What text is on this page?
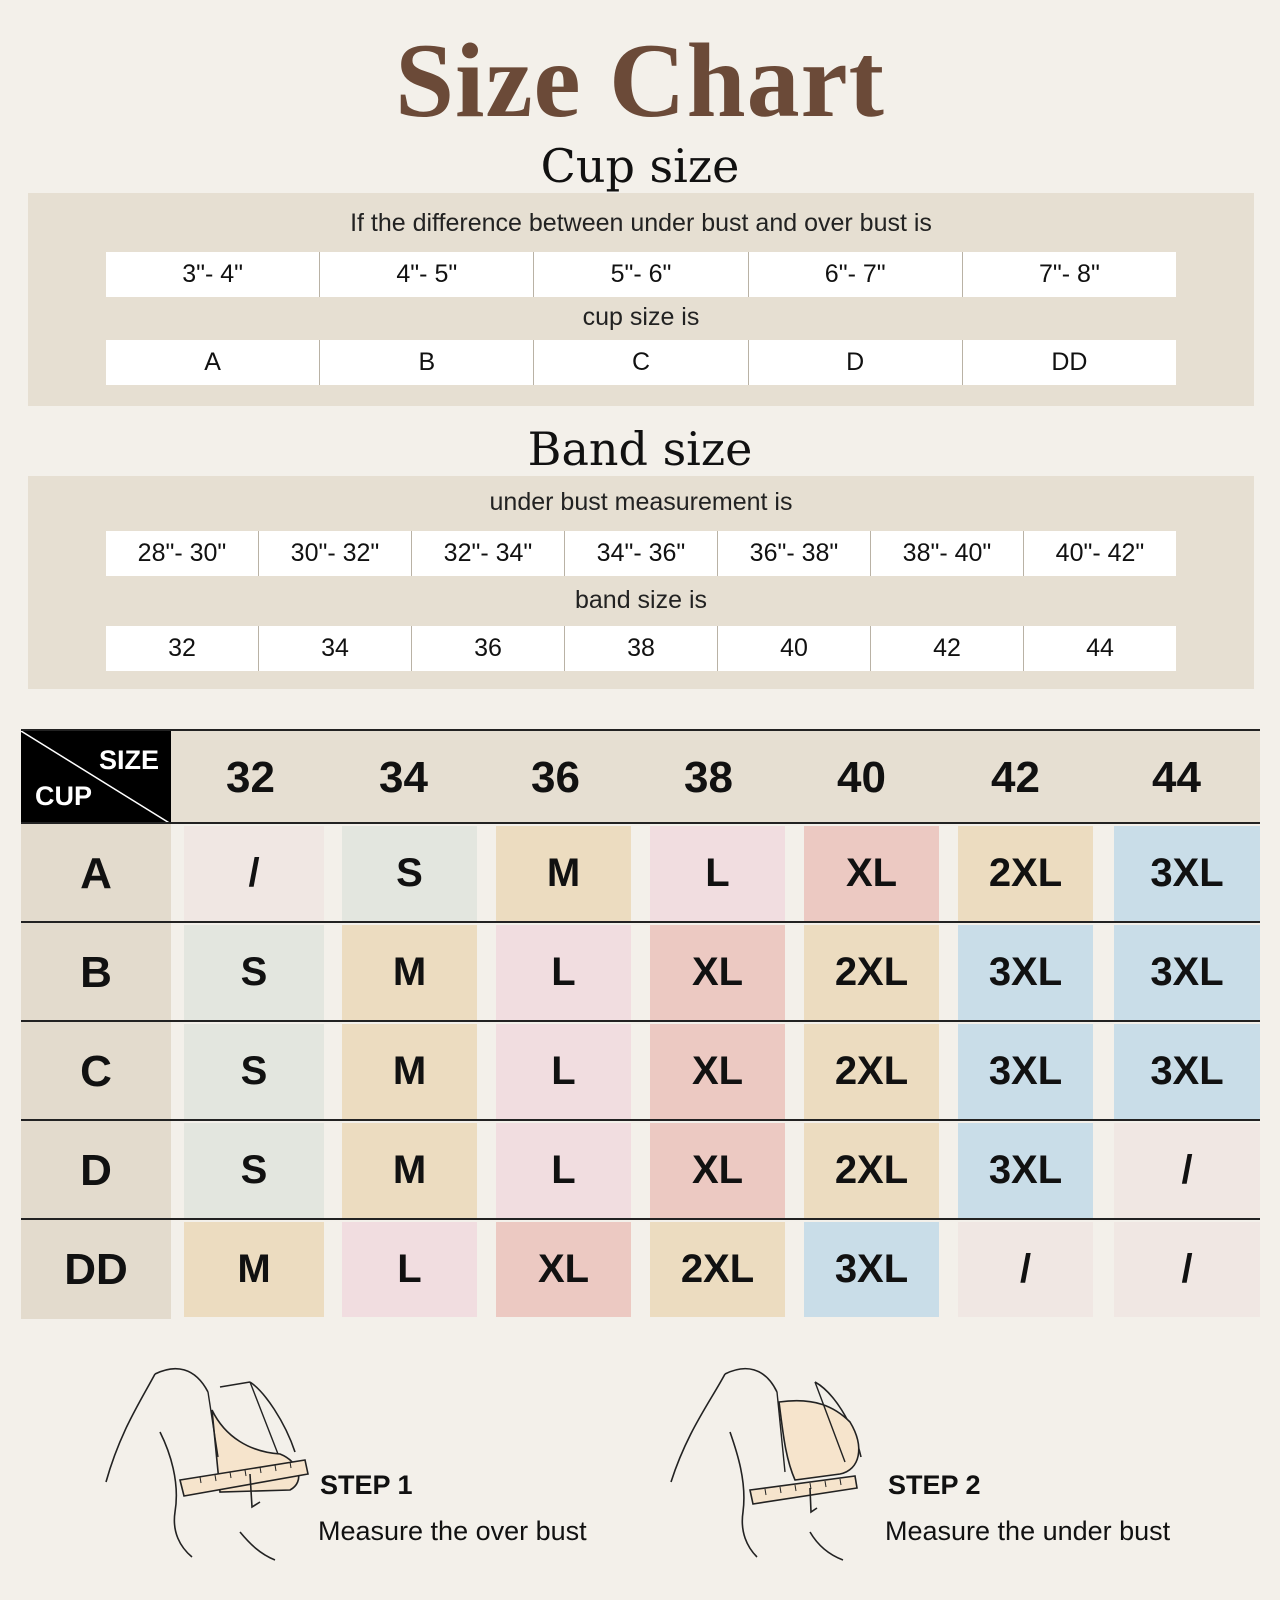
Size Chart
Cup size
If the difference between under bust and over bust is
3"- 4"	4"- 5"	5"- 6"	6"- 7"	7"- 8"
cup size is
A	B	C	D	DD
Band size
under bust measurement is
28"- 30"	30"- 32"	32"- 34"	34"- 36"	36"- 38"	38"- 40"	40"- 42"
band size is
32	34	36	38	40	42	44
SIZE
CUP	32	34	36	38	40	42	44
A	/	S	M	L	XL	2XL	3XL
B	S	M	L	XL	2XL	3XL	3XL
C	S	M	L	XL	2XL	3XL	3XL
D	S	M	L	XL	2XL	3XL	/
DD	M	L	XL	2XL	3XL	/	/
STEP 1
Measure the over bust
STEP 2
Measure the under bust
